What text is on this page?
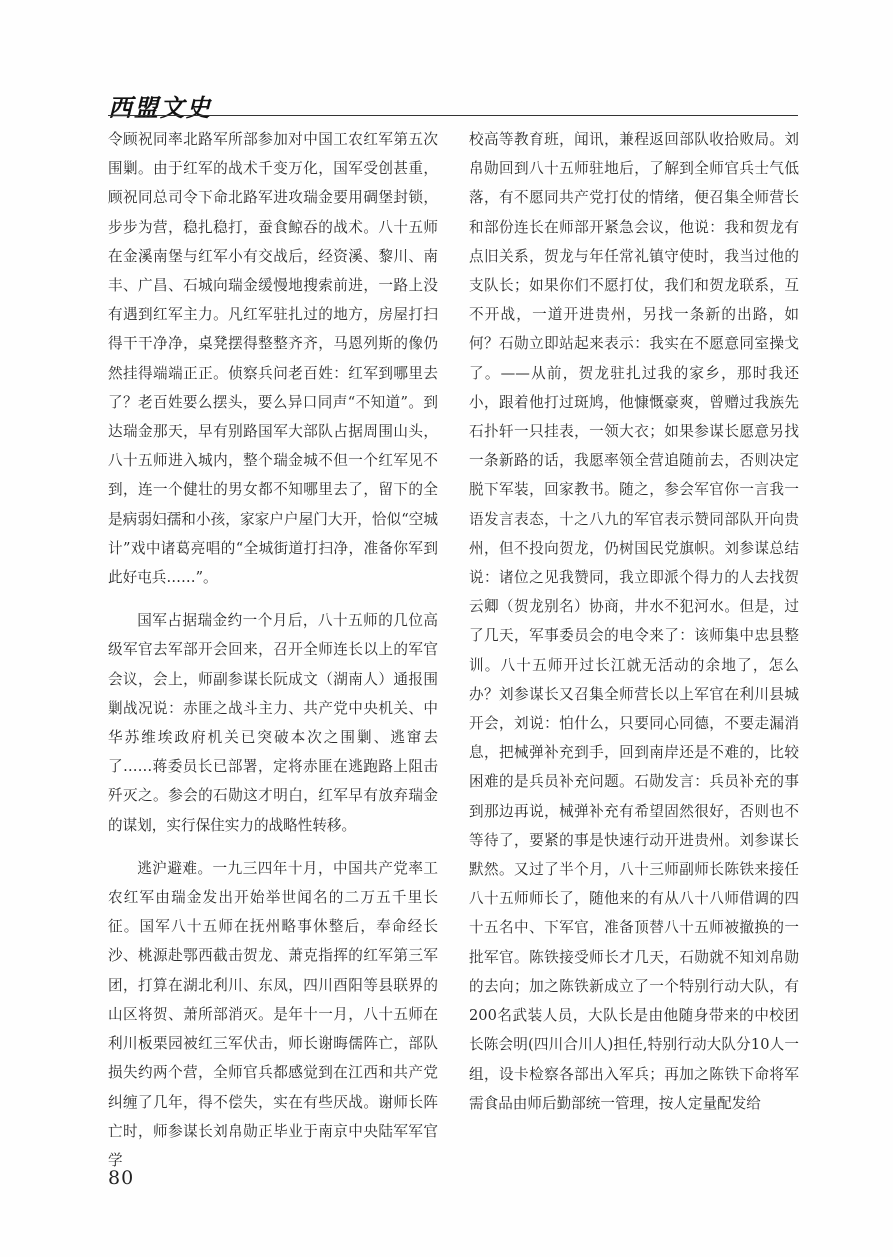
西盟文史

令顾祝同率北路军所部参加对中国工农红军第五次围剿。由于红军的战术千变万化，国军受创甚重，顾祝同总司令下命北路军进攻瑞金要用碉堡封锁，步步为营，稳扎稳打，蚕食鲸吞的战术。八十五师在金溪南堡与红军小有交战后，经资溪、黎川、南丰、广昌、石城向瑞金缓慢地搜索前进，一路上没有遇到红军主力。凡红军驻扎过的地方，房屋打扫得干干净净，桌凳摆得整整齐齐，马恩列斯的像仍然挂得端端正正。侦察兵问老百姓：红军到哪里去了？老百姓要么摆头，要么异口同声“不知道”。到达瑞金那天，早有别路国军大部队占据周围山头，八十五师进入城内，整个瑞金城不但一个红军见不到，连一个健壮的男女都不知哪里去了，留下的全是病弱妇孺和小孩，家家户户屋门大开，恰似“空城计”戏中诸葛亮唱的“全城街道打扫净，准备你军到此好屯兵……”。

国军占据瑞金约一个月后，八十五师的几位高级军官去军部开会回来，召开全师连长以上的军官会议，会上，师副参谋长阮成文（湖南人）通报围剿战况说：赤匪之战斗主力、共产党中央机关、中华苏维埃政府机关已突破本次之围剿、逃窜去了……蒋委员长已部署，定将赤匪在逃跑路上阻击歼灭之。参会的石勋这才明白，红军早有放弃瑞金的谋划，实行保住实力的战略性转移。

逃沪避难。一九三四年十月，中国共产党率工农红军由瑞金发出开始举世闻名的二万五千里长征。国军八十五师在抚州略事休整后，奉命经长沙、桃源赴鄂西截击贺龙、萧克指挥的红军第三军团，打算在湖北利川、东凤，四川酉阳等县联界的山区将贺、萧所部消灭。是年十一月，八十五师在利川板栗园被红三军伏击，师长谢晦儒阵亡，部队损失约两个营，全师官兵都感觉到在江西和共产党纠缠了几年，得不偿失，实在有些厌战。谢师长阵亡时，师参谋长刘帛勋正毕业于南京中央陆军军官学

校高等教育班，闻讯，兼程返回部队收拾败局。刘帛勋回到八十五师驻地后，了解到全师官兵士气低落，有不愿同共产党打仗的情绪，便召集全师营长和部份连长在师部开紧急会议，他说：我和贺龙有点旧关系，贺龙与年任常礼镇守使时，我当过他的支队长；如果你们不愿打仗，我们和贺龙联系，互不开战，一道开进贵州，另找一条新的出路，如何？石勋立即站起来表示：我实在不愿意同室操戈了。——从前，贺龙驻扎过我的家乡，那时我还小，跟着他打过斑鸠，他慷慨豪爽，曾赠过我族先石扑轩一只挂表，一领大衣；如果参谋长愿意另找一条新路的话，我愿率领全营追随前去，否则决定脱下军装，回家教书。随之，参会军官你一言我一语发言表态，十之八九的军官表示赞同部队开向贵州，但不投向贺龙，仍树国民党旗帜。刘参谋总结说：诸位之见我赞同，我立即派个得力的人去找贺云卿（贺龙别名）协商，井水不犯河水。但是，过了几天，军事委员会的电令来了：该师集中忠县整训。八十五师开过长江就无活动的余地了，怎么办？刘参谋长又召集全师营长以上军官在利川县城开会，刘说：怕什么，只要同心同德，不要走漏消息，把械弹补充到手，回到南岸还是不难的，比较困难的是兵员补充问题。石勋发言：兵员补充的事到那边再说，械弹补充有希望固然很好，否则也不等待了，要紧的事是快速行动开进贵州。刘参谋长默然。又过了半个月，八十三师副师长陈铁来接任八十五师师长了，随他来的有从八十八师借调的四十五名中、下军官，准备顶替八十五师被撤换的一批军官。陈铁接受师长才几天，石勋就不知刘帛勋的去向；加之陈铁新成立了一个特别行动大队，有200名武装人员，大队长是由他随身带来的中校团长陈会明(四川合川人)担任,特别行动大队分10人一组，设卡检察各部出入军兵；再加之陈铁下命将军需食品由师后勤部统一管理，按人定量配发给

80
